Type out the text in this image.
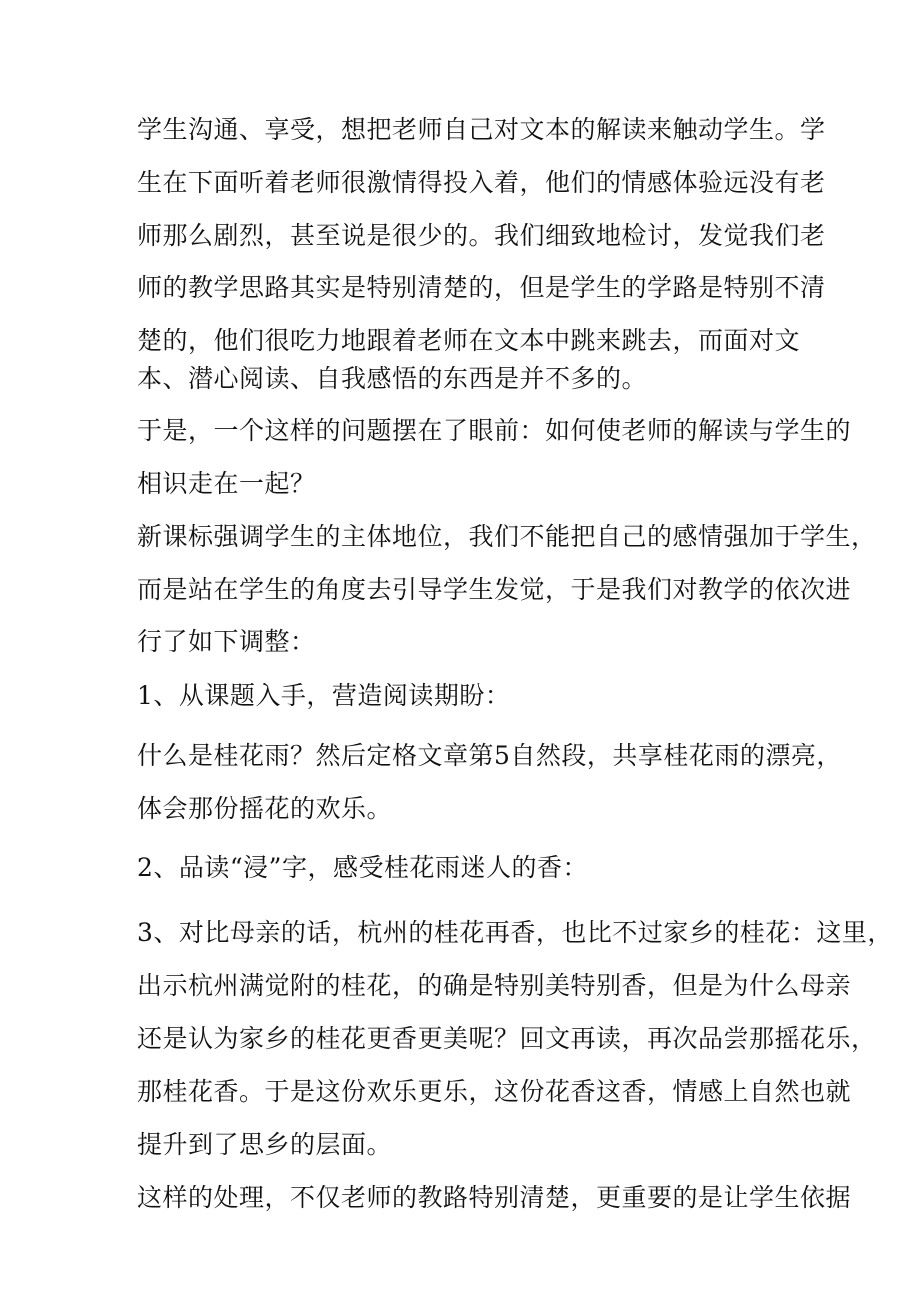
学生沟通、享受，想把老师自己对文本的解读来触动学生。学
生在下面听着老师很激情得投入着，他们的情感体验远没有老
师那么剧烈，甚至说是很少的。我们细致地检讨，发觉我们老
师的教学思路其实是特别清楚的，但是学生的学路是特别不清
楚的，他们很吃力地跟着老师在文本中跳来跳去，而面对文
本、潜心阅读、自我感悟的东西是并不多的。
于是，一个这样的问题摆在了眼前：如何使老师的解读与学生的
相识走在一起？
新课标强调学生的主体地位，我们不能把自己的感情强加于学生，
而是站在学生的角度去引导学生发觉，于是我们对教学的依次进
行了如下调整：
1、从课题入手，营造阅读期盼：
什么是桂花雨？然后定格文章第5自然段，共享桂花雨的漂亮，
体会那份摇花的欢乐。
2、品读“浸”字，感受桂花雨迷人的香：
3、对比母亲的话，杭州的桂花再香，也比不过家乡的桂花：这里，
出示杭州满觉附的桂花，的确是特别美特别香，但是为什么母亲
还是认为家乡的桂花更香更美呢？回文再读，再次品尝那摇花乐，
那桂花香。于是这份欢乐更乐，这份花香这香，情感上自然也就
提升到了思乡的层面。
这样的处理，不仅老师的教路特别清楚，更重要的是让学生依据
